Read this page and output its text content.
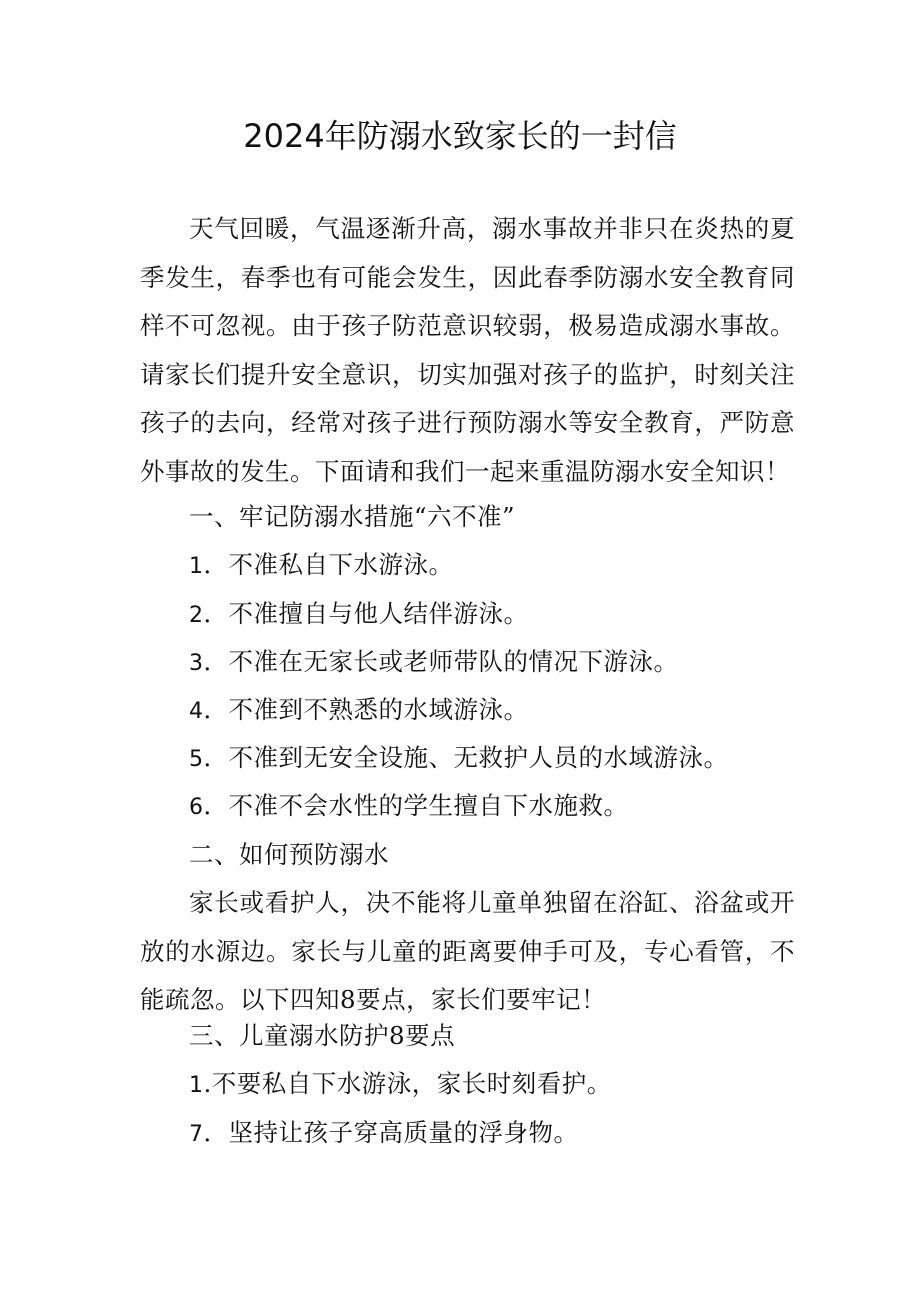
2024年防溺水致家长的一封信
天气回暖，气温逐渐升高，溺水事故并非只在炎热的夏季发生，春季也有可能会发生，因此春季防溺水安全教育同样不可忽视。由于孩子防范意识较弱，极易造成溺水事故。请家长们提升安全意识，切实加强对孩子的监护，时刻关注孩子的去向，经常对孩子进行预防溺水等安全教育，严防意外事故的发生。下面请和我们一起来重温防溺水安全知识！
一、牢记防溺水措施“六不准”
1．不准私自下水游泳。
2．不准擅自与他人结伴游泳。
3．不准在无家长或老师带队的情况下游泳。
4．不准到不熟悉的水域游泳。
5．不准到无安全设施、无救护人员的水域游泳。
6．不准不会水性的学生擅自下水施救。
二、如何预防溺水
家长或看护人，决不能将儿童单独留在浴缸、浴盆或开放的水源边。家长与儿童的距离要伸手可及，专心看管，不能疏忽。以下四知8要点，家长们要牢记！
三、儿童溺水防护8要点
1.不要私自下水游泳，家长时刻看护。
7．坚持让孩子穿高质量的浮身物。
